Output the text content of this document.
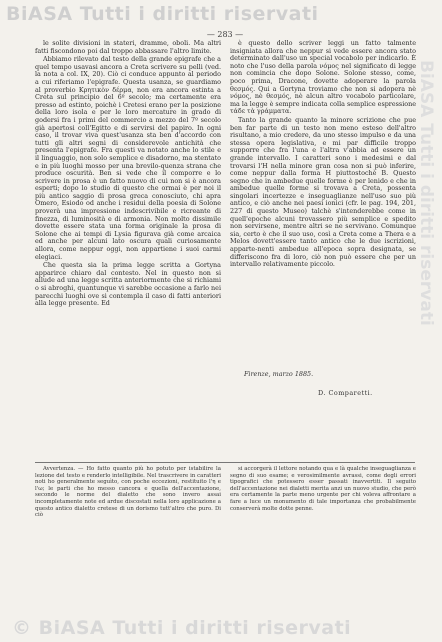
BiASA Tutti i diritti riservati
— 283 —

le solite divisioni in stateri, dramme, oboli. Ma altri fatti fiscondono poi dal troppo abbassare l'altro limite.

Abbiamo rilevato dal testo della grande epigrafe che a quel tempo usavasi ancora a Creta scrivere su pelli (ved. la nota a col. IX, 20). Ciò ci conduce appunto al periodo a cui riferiamo l'epigrafe. Questa usanza, se guardiamo al proverbio Κρητικὸν δέρμα, non era ancora estinta a Creta sul principio del 6º secolo; ma certamente era presso ad estinto, poichè i Cretesi erano per la posizione della loro isola e per le loro mercature in grado di godersi fra i primi del commercio a mezzo del 7º secolo già apertosi coll'Egitto e di servirsi del papiro. In ogni caso, il trovar viva quest'usanza sta ben d'accordo con tutti gli altri segni di considerevole antichità che presenta l'epigrafe. Fra questi va notato anche lo stile e il linguaggio, non solo semplice e disadorno, ma stentato e in più luoghi mosso per una brevilo-quenza strana che produce oscurità. Ben si vede che il comporre e lo scrivere in prosa è un fatto nuovo di cui non si è ancora esperti; dopo lo studio di questo che ormai è per noi il più antico saggio di prosa greca conosciuto, chi apra Omero, Esiodo od anche i residui della poesia di Solone proverà una impressione indescrivibile e ricreante di finezza, di luminosità e di armonia. Non molto dissimile dovette essere stata una forma originale la prosa di Solone che ai tempi di Lysia figurava già come arcaica ed anche per alcuni lato oscura quali curiosamente allora, come neppur oggi, non appartiene i suoi carmi elegiaci.

Che questa sia la prima legge scritta a Gortyna apparirce chiaro dal contesto. Nel in questo non si allude ad una legge scritta anteriormente che si richiami o si abroghi, quantunque vi sarebbe occasione a farlo nei parecchi luoghi ove si contempla il caso di fatti anteriori alla legge presente. Ed

è questo dello scriver leggi un fatto talmente insigniata allora che neppur si vede essere ancora stato determinato dall'uso un special vocabolo per indicarlo. È noto che l'uso della parola νόμος nel significato di legge non comincia che dopo Solone. Solone stesso, come, poco prima, Dracone, dovette adoperare la parola θεσμός. Qui a Gortyna troviamo che non si adopera nè νόμος, nè θεσμός, nè alcun altro vocabolo particolare, ma la legge è sempre indicata colla semplice espressione τάδε τὰ γράμματα.

Tanto la grande quanto la minore scrizione che pue ben far parte di un testo non meno esteso dell'altro risultano, a mio credere, da uno stesso impulso e da una stessa opera legislativa, e mi par difficile troppo supporre che fra l'una e l'altra v'abbia ad essere un grande intervallo. I caratteri sono i medesimi e dal trovarsi l'H nella minore gran cosa non si può inferire, come neppur dalla forma H piuttostochè B. Questo segno che in ambedue quelle forme è per lenido e che in ambedue quelle forme si trovava a Creta, possenta singolari incertezze e inseguaglianze nell'uso suo più antico, e ciò anche nei paesi ionici (cfr. le pag. 194, 201, 227 di questo Museo) talchè s'intenderebbe come in quell'epoche alcuni trovassero più semplice e spedito non servirsene, mentre altri se ne servivano. Comunque sia, certo è che il suo uso, così a Creta come a Thera e a Melos dovett'essere tanto antico che le due iscrizioni, apparte-nenti ambedue all'epoca sopra designata, se differiscono fra di loro, ciò non può essere che per un intervallo relativamente piccolo.

Firenze, marzo 1885.
D. Comparetti.

Avvertenza. — Ho fatto quanto più ho potuto per istabilire la lezione del testo e renderlo intelligibile. Nel trascrivere in caratteri noti ho generalmente seguìto, con poche eccezioni, restituito l'η e l'ω; le parti che ho messo cancora e quella dell'accentazione, secondo le norme del dialetto che sono invero assai incompletamente note ed ardue discostati nella loro applicazione a questo antico dialetto cretese di un dorismo tutt'altro che puro. Di ciò

si accorgerà il lettore notando qua e là qualche inseguaglianza e segno di suo esame; e verosimilmente avrassi, come degli errori tipografici che potessero esser passati inavvertiti. Il seguito dell'accentazione nei dialetti merita anzi un nuovo studio, che però era certamente la parte meno urgente per chi voleva affrontare a fare a luce un monumento di tale importanza che probabilmente conserverà molte dotte penne.

BiASA Tutti i diritti riservati
© BiASA Tutti i diritti riservati
